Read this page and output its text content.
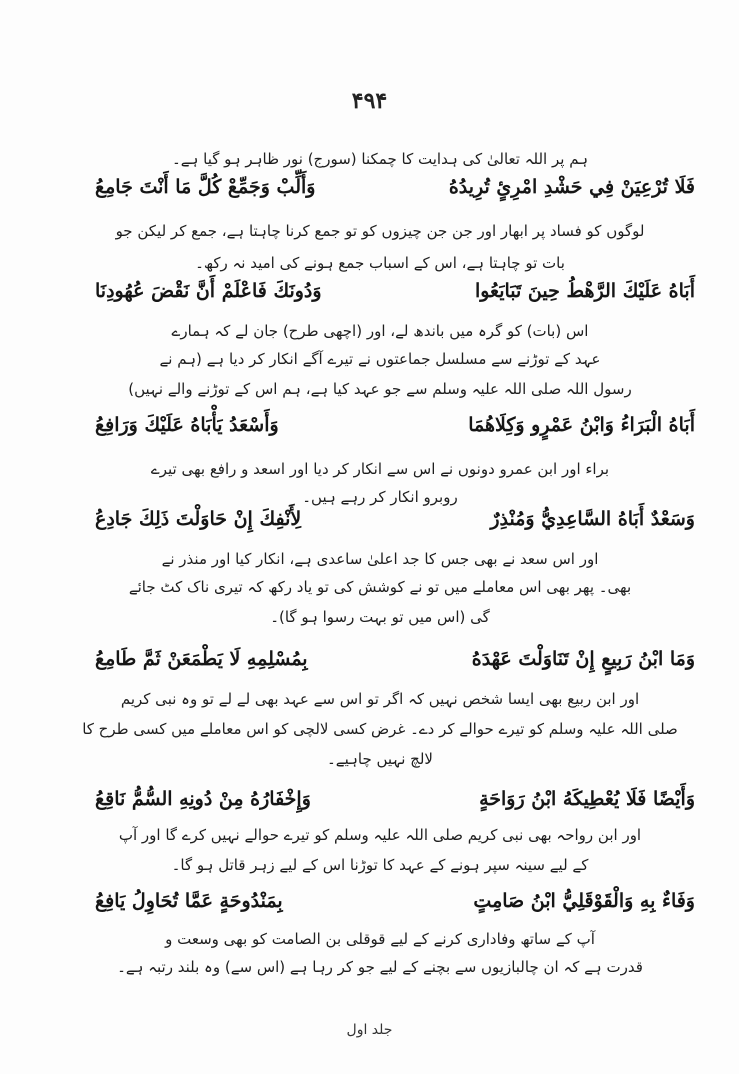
۴۹۴
ہم پر اللہ تعالیٰ کی ہدایت کا چمکنا (سورج) نور ظاہر ہو گیا ہے۔
فَلَا تُرْعِيَنْ فِي حَشْدِ امْرِئٍ تُرِيدُهُ
وَأَلِّبْ وَجَمِّعْ كُلَّ مَا أَنْتَ جَامِعُ
لوگوں کو فساد پر ابھار اور جن جن چیزوں کو تو جمع کرنا چاہتا ہے، جمع کر لیکن جو
بات تو چاہتا ہے، اس کے اسباب جمع ہونے کی امید نہ رکھ۔
أَبَاهُ عَلَيْكَ الرَّهْطُ حِينَ تَبَايَعُوا
وَدُونَكَ فَاعْلَمْ أَنَّ نَقْضَ عُهُودِنَا
اس (بات) کو گرہ میں باندھ لے، اور (اچھی طرح) جان لے کہ ہمارے
عہد کے توڑنے سے مسلسل جماعتوں نے تیرے آگے انکار کر دیا ہے (ہم نے
رسول اللہ صلی اللہ علیہ وسلم سے جو عہد کیا ہے، ہم اس کے توڑنے والے نہیں)
أَبَاهُ الْبَرَاءُ وَابْنُ عَمْرٍو وَكِلَاهُمَا
وَأَسْعَدُ يَأْبَاهُ عَلَيْكَ وَرَافِعُ
براء اور ابن عمرو دونوں نے اس سے انکار کر دیا اور اسعد و رافع بھی تیرے
روبرو انکار کر رہے ہیں۔
وَسَعْدٌ أَبَاهُ السَّاعِدِيُّ وَمُنْذِرٌ
لِأَنْفِكَ إِنْ حَاوَلْتَ ذَلِكَ جَادِعُ
اور اس سعد نے بھی جس کا جد اعلیٰ ساعدی ہے، انکار کیا اور منذر نے
بھی۔ پھر بھی اس معاملے میں تو نے کوشش کی تو یاد رکھ کہ تیری ناک کٹ جائے
گی (اس میں تو بہت رسوا ہو گا)۔
وَمَا ابْنُ رَبِيعٍ إِنْ تَنَاوَلْتَ عَهْدَهُ
بِمُسْلِمِهِ لَا يَطْمَعَنْ ثَمَّ طَامِعُ
اور ابن ربیع بھی ایسا شخص نہیں کہ اگر تو اس سے عہد بھی لے لے تو وہ نبی کریم
صلی اللہ علیہ وسلم کو تیرے حوالے کر دے۔ غرض کسی لالچی کو اس معاملے میں کسی طرح کا
لالچ نہیں چاہیے۔
وَأَيْضًا فَلَا يُعْطِيكَهُ ابْنُ رَوَاحَةٍ
وَإِخْفَارُهُ مِنْ دُونِهِ السُّمُّ نَاقِعُ
اور ابن رواحہ بھی نبی کریم صلی اللہ علیہ وسلم کو تیرے حوالے نہیں کرے گا اور آپ
کے لیے سینہ سپر ہونے کے عہد کا توڑنا اس کے لیے زہر قاتل ہو گا۔
وَفَاءٌ بِهِ وَالْقَوْقَلِيُّ ابْنُ صَامِتٍ
بِمَنْدُوحَةٍ عَمَّا تُحَاوِلُ يَافِعُ
آپ کے ساتھ وفاداری کرنے کے لیے قوقلی بن الصامت کو بھی وسعت و
قدرت ہے کہ ان چالبازیوں سے بچنے کے لیے جو کر رہا ہے (اس سے) وہ بلند رتبہ ہے۔
جلد اول
